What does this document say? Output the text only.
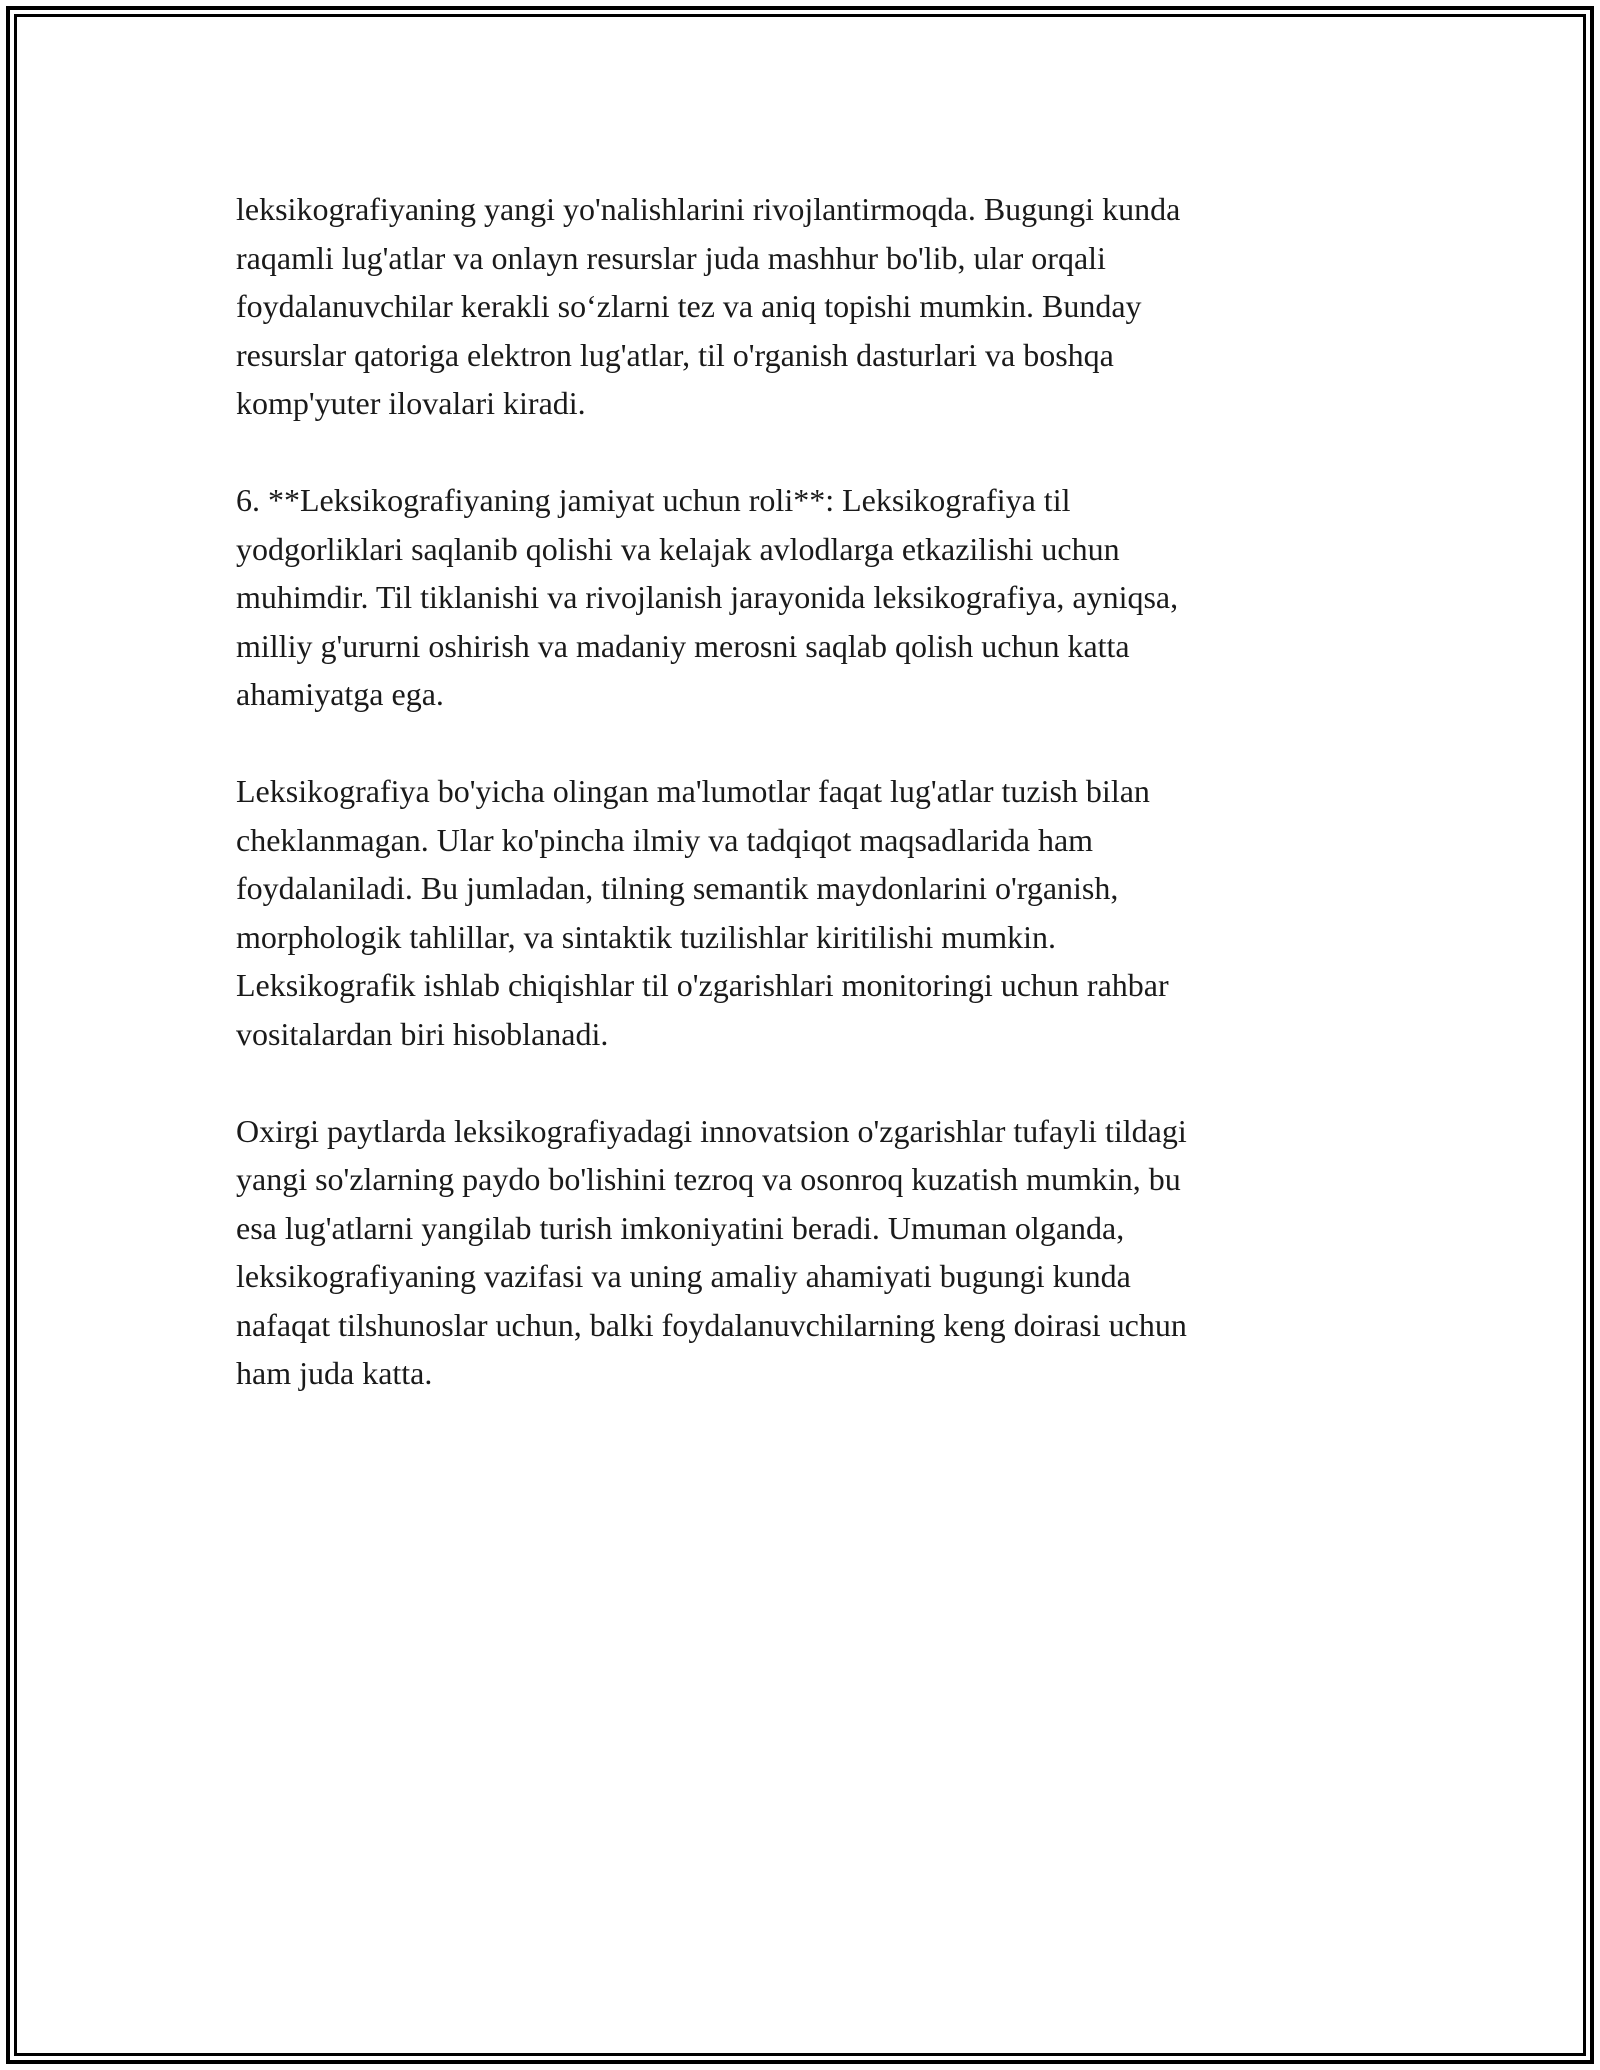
leksikografiyaning yangi yo'nalishlarini rivojlantirmoqda. Bugungi kunda
raqamli lug'atlar va onlayn resurslar juda mashhur bo'lib, ular orqali
foydalanuvchilar kerakli so‘zlarni tez va aniq topishi mumkin. Bunday
resurslar qatoriga elektron lug'atlar, til o'rganish dasturlari va boshqa
komp'yuter ilovalari kiradi.

6. **Leksikografiyaning jamiyat uchun roli**: Leksikografiya til
yodgorliklari saqlanib qolishi va kelajak avlodlarga etkazilishi uchun
muhimdir. Til tiklanishi va rivojlanish jarayonida leksikografiya, ayniqsa,
milliy g'ururni oshirish va madaniy merosni saqlab qolish uchun katta
ahamiyatga ega.

Leksikografiya bo'yicha olingan ma'lumotlar faqat lug'atlar tuzish bilan
cheklanmagan. Ular ko'pincha ilmiy va tadqiqot maqsadlarida ham
foydalaniladi. Bu jumladan, tilning semantik maydonlarini o'rganish,
morphologik tahlillar, va sintaktik tuzilishlar kiritilishi mumkin.
Leksikografik ishlab chiqishlar til o'zgarishlari monitoringi uchun rahbar
vositalardan biri hisoblanadi.

Oxirgi paytlarda leksikografiyadagi innovatsion o'zgarishlar tufayli tildagi
yangi so'zlarning paydo bo'lishini tezroq va osonroq kuzatish mumkin, bu
esa lug'atlarni yangilab turish imkoniyatini beradi. Umuman olganda,
leksikografiyaning vazifasi va uning amaliy ahamiyati bugungi kunda
nafaqat tilshunoslar uchun, balki foydalanuvchilarning keng doirasi uchun
ham juda katta.
